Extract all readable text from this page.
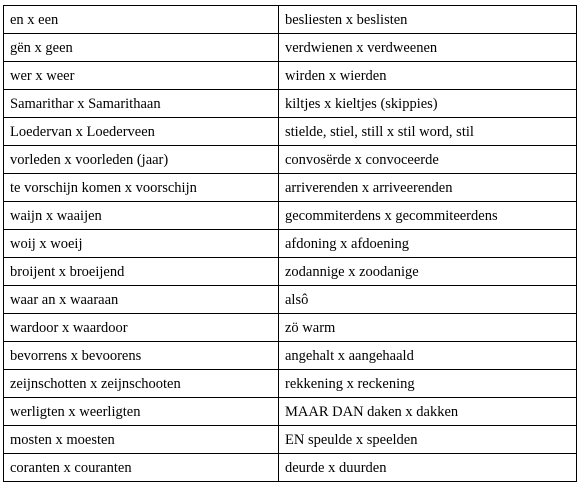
en x een	besliesten x beslisten
gën x geen	verdwienen x verdweenen
wer x weer	wirden x wierden
Samarithar x Samarithaan	kiltjes x kieltjes (skippies)
Loedervan x Loederveen	stielde, stiel, still x stil word, stil
vorleden x voorleden (jaar)	convosërde x convoceerde
te vorschijn komen x voorschijn	arriverenden x arriveerenden
waijn x waaijen	gecommiterdens x gecommiteerdens
woij x woeij	afdoning x afdoening
broijent x broeijend	zodannige x zoodanige
waar an x waaraan	alsô
wardoor x waardoor	zö warm
bevorrens x bevoorens	angehalt x aangehaald
zeijnschotten x zeijnschooten	rekkening x reckening
werligten x weerligten	MAAR DAN daken x dakken
mosten x moesten	EN speulde x speelden
coranten x couranten	deurde x duurden
